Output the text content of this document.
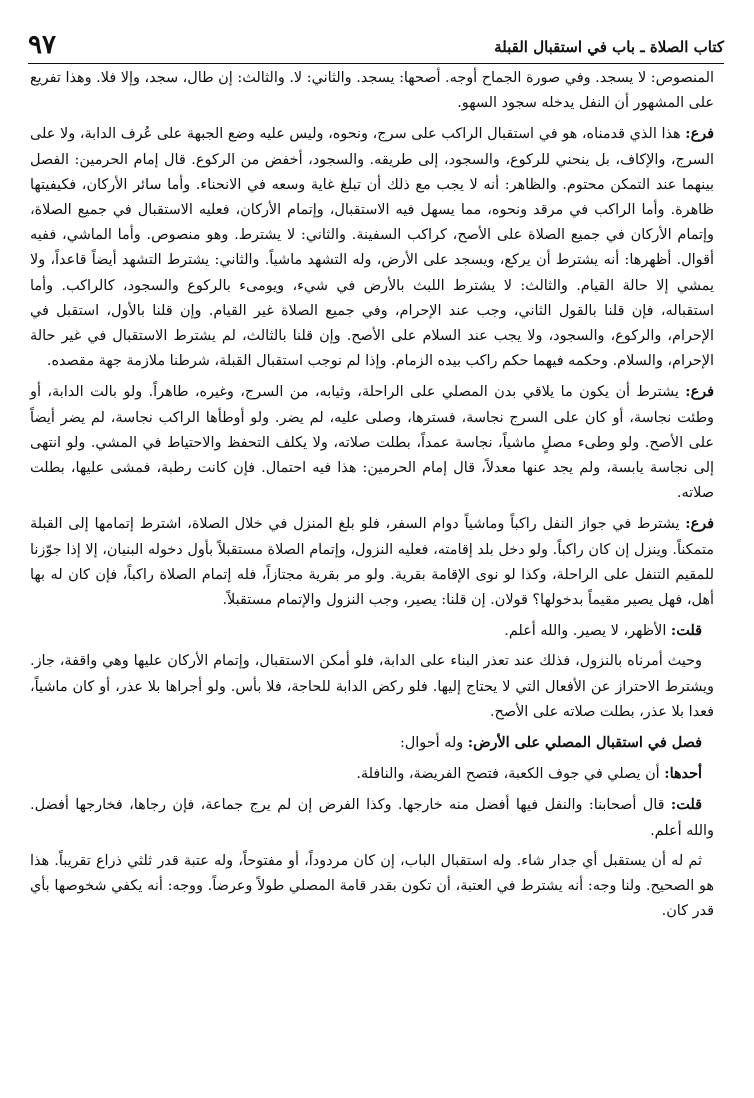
كتاب الصلاة ـ باب في استقبال القبلة
٩٧

المنصوص: لا يسجد. وفي صورة الجماح أوجه. أصحها: يسجد. والثاني: لا. والثالث: إن طال، سجد، وإلا فلا. وهذا تفريع على المشهور أن النفل يدخله سجود السهو.

فرع: هذا الذي قدمناه، هو في استقبال الراكب على سرج، ونحوه، وليس عليه وضع الجبهة على عُرف الدابة، ولا على السرج، والإكاف، بل ينحني للركوع، والسجود، إلى طريقه. والسجود، أخفض من الركوع. قال إمام الحرمين: الفصل بينهما عند التمكن محتوم. والظاهر: أنه لا يجب مع ذلك أن تبلغ غاية وسعه في الانحناء. وأما سائر الأركان، فكيفيتها ظاهرة. وأما الراكب في مرقد ونحوه، مما يسهل فيه الاستقبال، وإتمام الأركان، فعليه الاستقبال في جميع الصلاة، وإتمام الأركان في جميع الصلاة على الأصح، كراكب السفينة. والثاني: لا يشترط. وهو منصوص. وأما الماشي، ففيه أقوال. أظهرها: أنه يشترط أن يركع، ويسجد على الأرض، وله التشهد ماشياً. والثاني: يشترط التشهد أيضاً قاعداً، ولا يمشي إلا حالة القيام. والثالث: لا يشترط اللبث بالأرض في شيء، ويومىء بالركوع والسجود، كالراكب. وأما استقباله، فإن قلنا بالقول الثاني، وجب عند الإحرام، وفي جميع الصلاة غير القيام. وإن قلنا بالأول، استقبل في الإحرام، والركوع، والسجود، ولا يجب عند السلام على الأصح. وإن قلنا بالثالث، لم يشترط الاستقبال في غير حالة الإحرام، والسلام. وحكمه فيهما حكم راكب بيده الزمام. وإذا لم نوجب استقبال القبلة، شرطنا ملازمة جهة مقصده.

فرع: يشترط أن يكون ما يلاقي بدن المصلي على الراحلة، وثيابه، من السرج، وغيره، طاهراً. ولو بالت الدابة، أو وطئت نجاسة، أو كان على السرج نجاسة، فسترها، وصلى عليه، لم يضر. ولو أوطأها الراكب نجاسة، لم يضر أيضاً على الأصح. ولو وطىء مصلٍ ماشياً، نجاسة عمداً، بطلت صلاته، ولا يكلف التحفظ والاحتياط في المشي. ولو انتهى إلى نجاسة يابسة، ولم يجد عنها معدلاً، قال إمام الحرمين: هذا فيه احتمال. فإن كانت رطبة، فمشى عليها، بطلت صلاته.

فرع: يشترط في جواز النفل راكباً وماشياً دوام السفر، فلو بلغ المنزل في خلال الصلاة، اشترط إتمامها إلى القبلة متمكناً. وينزل إن كان راكباً. ولو دخل بلد إقامته، فعليه النزول، وإتمام الصلاة مستقبلاً بأول دخوله البنيان، إلا إذا جوّزنا للمقيم التنفل على الراحلة، وكذا لو نوى الإقامة بقرية. ولو مر بقرية مجتازاً، فله إتمام الصلاة راكباً، فإن كان له بها أهل، فهل يصير مقيماً بدخولها؟ قولان. إن قلنا: يصير، وجب النزول والإتمام مستقبلاً.

قلت: الأظهر، لا يصير. والله أعلم.

وحيث أمرناه بالنزول، فذلك عند تعذر البناء على الدابة، فلو أمكن الاستقبال، وإتمام الأركان عليها وهي واقفة، جاز. ويشترط الاحتراز عن الأفعال التي لا يحتاج إليها. فلو ركض الدابة للحاجة، فلا بأس. ولو أجراها بلا عذر، أو كان ماشياً، فعدا بلا عذر، بطلت صلاته على الأصح.

فصل في استقبال المصلي على الأرض: وله أحوال:

أحدها: أن يصلي في جوف الكعبة، فتصح الفريضة، والنافلة.

قلت: قال أصحابنا: والنفل فيها أفضل منه خارجها. وكذا الفرض إن لم يرج جماعة، فإن رجاها، فخارجها أفضل. والله أعلم.

ثم له أن يستقبل أي جدار شاء. وله استقبال الباب، إن كان مردوداً، أو مفتوحاً، وله عتبة قدر ثلثي ذراع تقريباً. هذا هو الصحيح. ولنا وجه: أنه يشترط في العتبة، أن تكون بقدر قامة المصلي طولاً وعرضاً. ووجه: أنه يكفي شخوصها بأي قدر كان.
